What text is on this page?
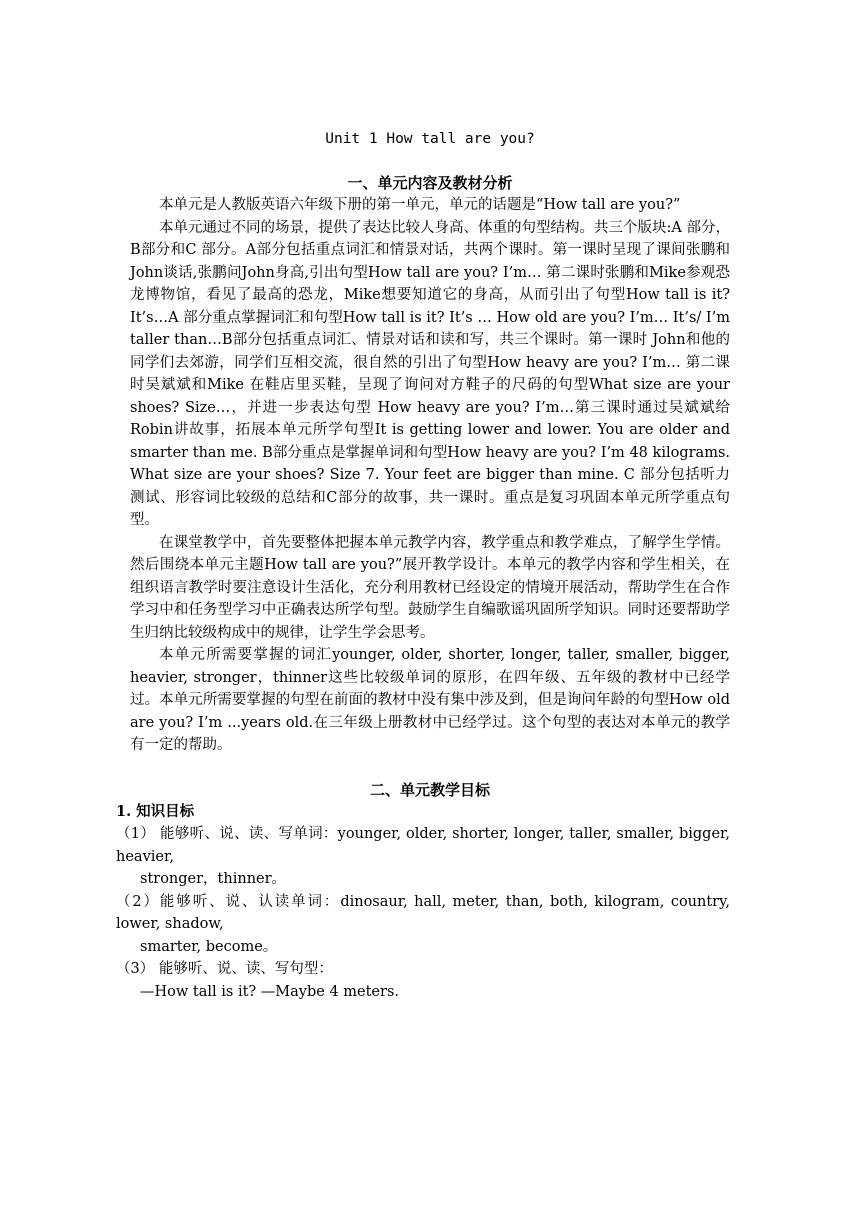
Unit 1 How tall are you?
一、单元内容及教材分析

本单元是人教版英语六年级下册的第一单元，单元的话题是“How tall are you?”

本单元通过不同的场景，提供了表达比较人身高、体重的句型结构。共三个版块:A 部分，B部分和C 部分。A部分包括重点词汇和情景对话，共两个课时。第一课时呈现了课间张鹏和John谈话,张鹏问John身高,引出句型How tall are you? I’m… 第二课时张鹏和Mike参观恐龙博物馆，看见了最高的恐龙，Mike想要知道它的身高，从而引出了句型How tall is it? It’s…A 部分重点掌握词汇和句型How tall is it? It’s … How old are you? I’m… It’s/ I’m taller than…B部分包括重点词汇、情景对话和读和写，共三个课时。第一课时 John和他的同学们去郊游，同学们互相交流，很自然的引出了句型How heavy are you? I’m… 第二课时吴斌斌和Mike 在鞋店里买鞋，呈现了询问对方鞋子的尺码的句型What size are your shoes? Size…，并进一步表达句型 How heavy are you? I’m…第三课时通过吴斌斌给Robin讲故事，拓展本单元所学句型It is getting lower and lower. You are older and smarter than me. B部分重点是掌握单词和句型How heavy are you? I’m 48 kilograms. What size are your shoes? Size 7. Your feet are bigger than mine. C 部分包括听力测试、形容词比较级的总结和C部分的故事，共一课时。重点是复习巩固本单元所学重点句型。

在课堂教学中，首先要整体把握本单元教学内容，教学重点和教学难点，了解学生学情。然后围绕本单元主题How tall are you?”展开教学设计。本单元的教学内容和学生相关，在组织语言教学时要注意设计生活化，充分利用教材已经设定的情境开展活动，帮助学生在合作学习中和任务型学习中正确表达所学句型。鼓励学生自编歌谣巩固所学知识。同时还要帮助学生归纳比较级构成中的规律，让学生学会思考。

本单元所需要掌握的词汇younger, older, shorter, longer, taller, smaller, bigger, heavier, stronger，thinner这些比较级单词的原形，在四年级、五年级的教材中已经学过。本单元所需要掌握的句型在前面的教材中没有集中涉及到，但是询问年龄的句型How old are you? I’m ...years old.在三年级上册教材中已经学过。这个句型的表达对本单元的教学有一定的帮助。

二、单元教学目标
1. 知识目标
（1） 能够听、说、读、写单词：younger, older, shorter, longer, taller, smaller, bigger, heavier,
stronger，thinner。
（2）能够听、说、认读单词：dinosaur, hall, meter, than, both, kilogram, country, lower, shadow,
smarter, become。
（3） 能够听、说、读、写句型：
—How tall is it? —Maybe 4 meters.
